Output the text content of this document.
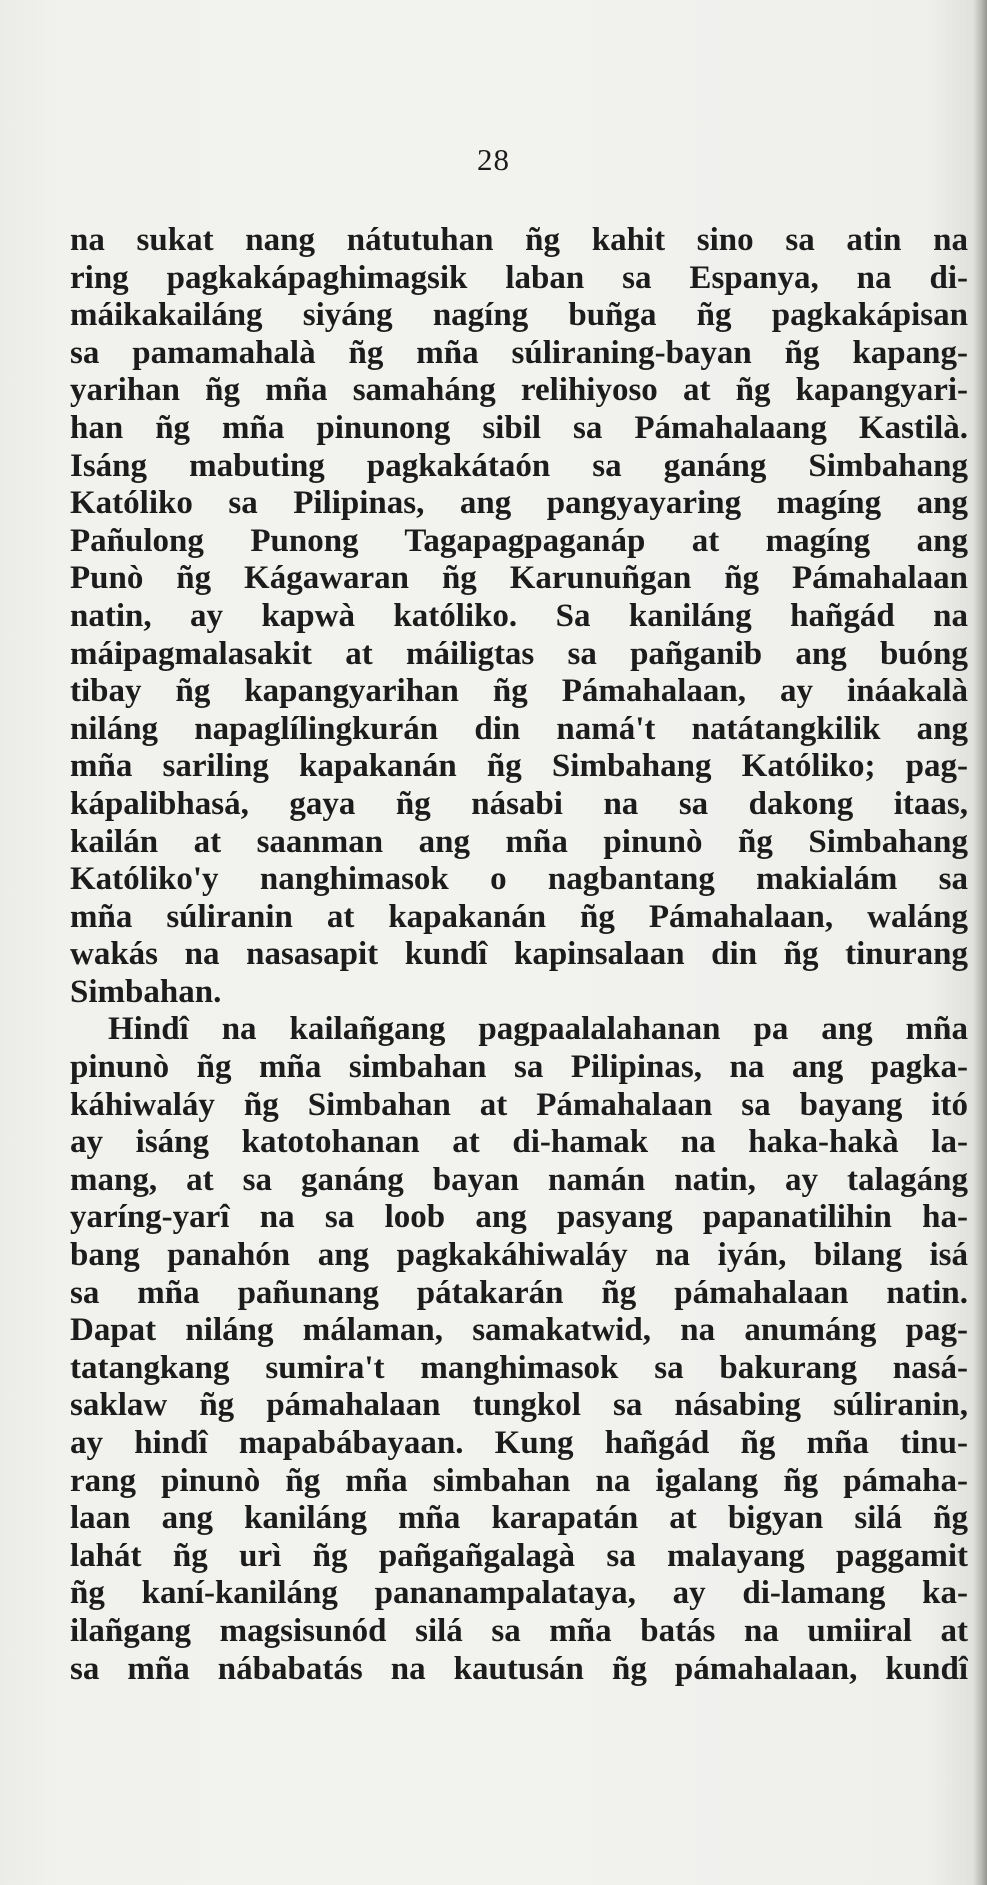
28
na sukat nang nátutuhan ñg kahit sino sa atin na
ring pagkakápaghimagsik laban sa Espanya, na di-
máikakailáng siyáng nagíng buñga ñg pagkakápisan
sa pamamahalà ñg mña súliraning-bayan ñg kapang-
yarihan ñg mña samaháng relihiyoso at ñg kapangyari-
han ñg mña pinunong sibil sa Pámahalaang Kastilà.
Isáng mabuting pagkakátaón sa ganáng Simbahang
Katóliko sa Pilipinas, ang pangyayaring magíng ang
Pañulong Punong Tagapagpaganáp at magíng ang
Punò ñg Kágawaran ñg Karunuñgan ñg Pámahalaan
natin, ay kapwà katóliko. Sa kaniláng hañgád na
máipagmalasakit at máiligtas sa pañganib ang buóng
tibay ñg kapangyarihan ñg Pámahalaan, ay ináakalà
niláng napaglílingkurán din namá't natátangkilik ang
mña sariling kapakanán ñg Simbahang Katóliko; pag-
kápalibhasá, gaya ñg násabi na sa dakong itaas,
kailán at saanman ang mña pinunò ñg Simbahang
Katóliko'y nanghimasok o nagbantang makialám sa
mña súliranin at kapakanán ñg Pámahalaan, waláng
wakás na nasasapit kundî kapinsalaan din ñg tinurang
Simbahan.
Hindî na kailañgang pagpaalalahanan pa ang mña
pinunò ñg mña simbahan sa Pilipinas, na ang pagka-
káhiwaláy ñg Simbahan at Pámahalaan sa bayang itó
ay isáng katotohanan at di-hamak na haka-hakà la-
mang, at sa ganáng bayan namán natin, ay talagáng
yaríng-yarî na sa loob ang pasyang papanatilihin ha-
bang panahón ang pagkakáhiwaláy na iyán, bilang isá
sa mña pañunang pátakarán ñg pámahalaan natin.
Dapat niláng málaman, samakatwid, na anumáng pag-
tatangkang sumira't manghimasok sa bakurang nasá-
saklaw ñg pámahalaan tungkol sa násabing súliranin,
ay hindî mapabábayaan. Kung hañgád ñg mña tinu-
rang pinunò ñg mña simbahan na igalang ñg pámaha-
laan ang kaniláng mña karapatán at bigyan silá ñg
lahát ñg urì ñg pañgañgalagà sa malayang paggamit
ñg kaní-kaniláng pananampalataya, ay di-lamang ka-
ilañgang magsisunód silá sa mña batás na umiiral at
sa mña nábabatás na kautusán ñg pámahalaan, kundî
